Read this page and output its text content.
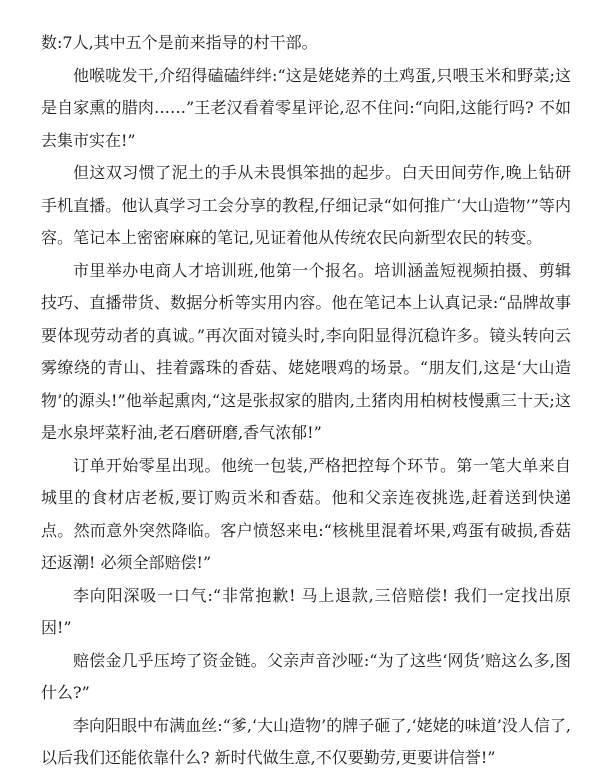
数:7人,其中五个是前来指导的村干部。

他喉咙发干,介绍得磕磕绊绊:“这是姥姥养的土鸡蛋,只喂玉米和野菜;这是自家熏的腊肉……”王老汉看着零星评论,忍不住问:“向阳,这能行吗? 不如去集市实在!”

但这双习惯了泥土的手从未畏惧笨拙的起步。白天田间劳作,晚上钻研手机直播。他认真学习工会分享的教程,仔细记录“如何推广‘大山造物’”等内容。笔记本上密密麻麻的笔记,见证着他从传统农民向新型农民的转变。

市里举办电商人才培训班,他第一个报名。培训涵盖短视频拍摄、剪辑技巧、直播带货、数据分析等实用内容。他在笔记本上认真记录:“品牌故事要体现劳动者的真诚。”再次面对镜头时,李向阳显得沉稳许多。镜头转向云雾缭绕的青山、挂着露珠的香菇、姥姥喂鸡的场景。“朋友们,这是‘大山造物’的源头!”他举起熏肉,“这是张叔家的腊肉,土猪肉用柏树枝慢熏三十天;这是水泉坪菜籽油,老石磨研磨,香气浓郁!”

订单开始零星出现。他统一包装,严格把控每个环节。第一笔大单来自城里的食材店老板,要订购贡米和香菇。他和父亲连夜挑选,赶着送到快递点。然而意外突然降临。客户愤怒来电:“核桃里混着坏果,鸡蛋有破损,香菇还返潮! 必须全部赔偿!”

李向阳深吸一口气:“非常抱歉! 马上退款,三倍赔偿! 我们一定找出原因!”

赔偿金几乎压垮了资金链。父亲声音沙哑:“为了这些‘网货’赔这么多,图什么?”

李向阳眼中布满血丝:“爹,‘大山造物’的牌子砸了,‘姥姥的味道’没人信了,以后我们还能依靠什么? 新时代做生意,不仅要勤劳,更要讲信誉!”
